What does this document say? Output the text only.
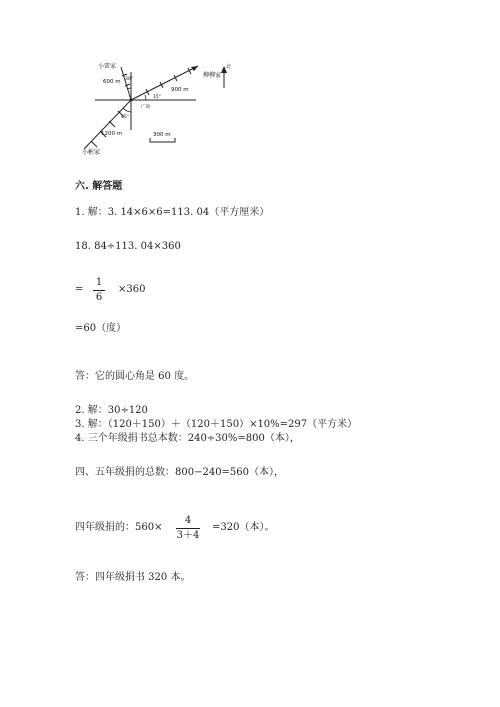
小雷家
柳柳家
小彬家
广场
北
600 m
900 m
1200 m	300 m
30°
15°
45°
六. 解答题
1. 解：3. 14×6×6=113. 04（平方厘米）
18. 84÷113. 04×360
=
1
6
×360
=60（度）
答：它的圆心角是 60 度。
2. 解：30÷120
3. 解：（120＋150）＋（120＋150）×10%=297（平方米）
4. 三个年级捐书总本数：240÷30%=800（本），
四、五年级捐的总数：800−240=560（本），
四年级捐的：560×
4
3＋4
=320（本）。
答：四年级捐书 320 本。
